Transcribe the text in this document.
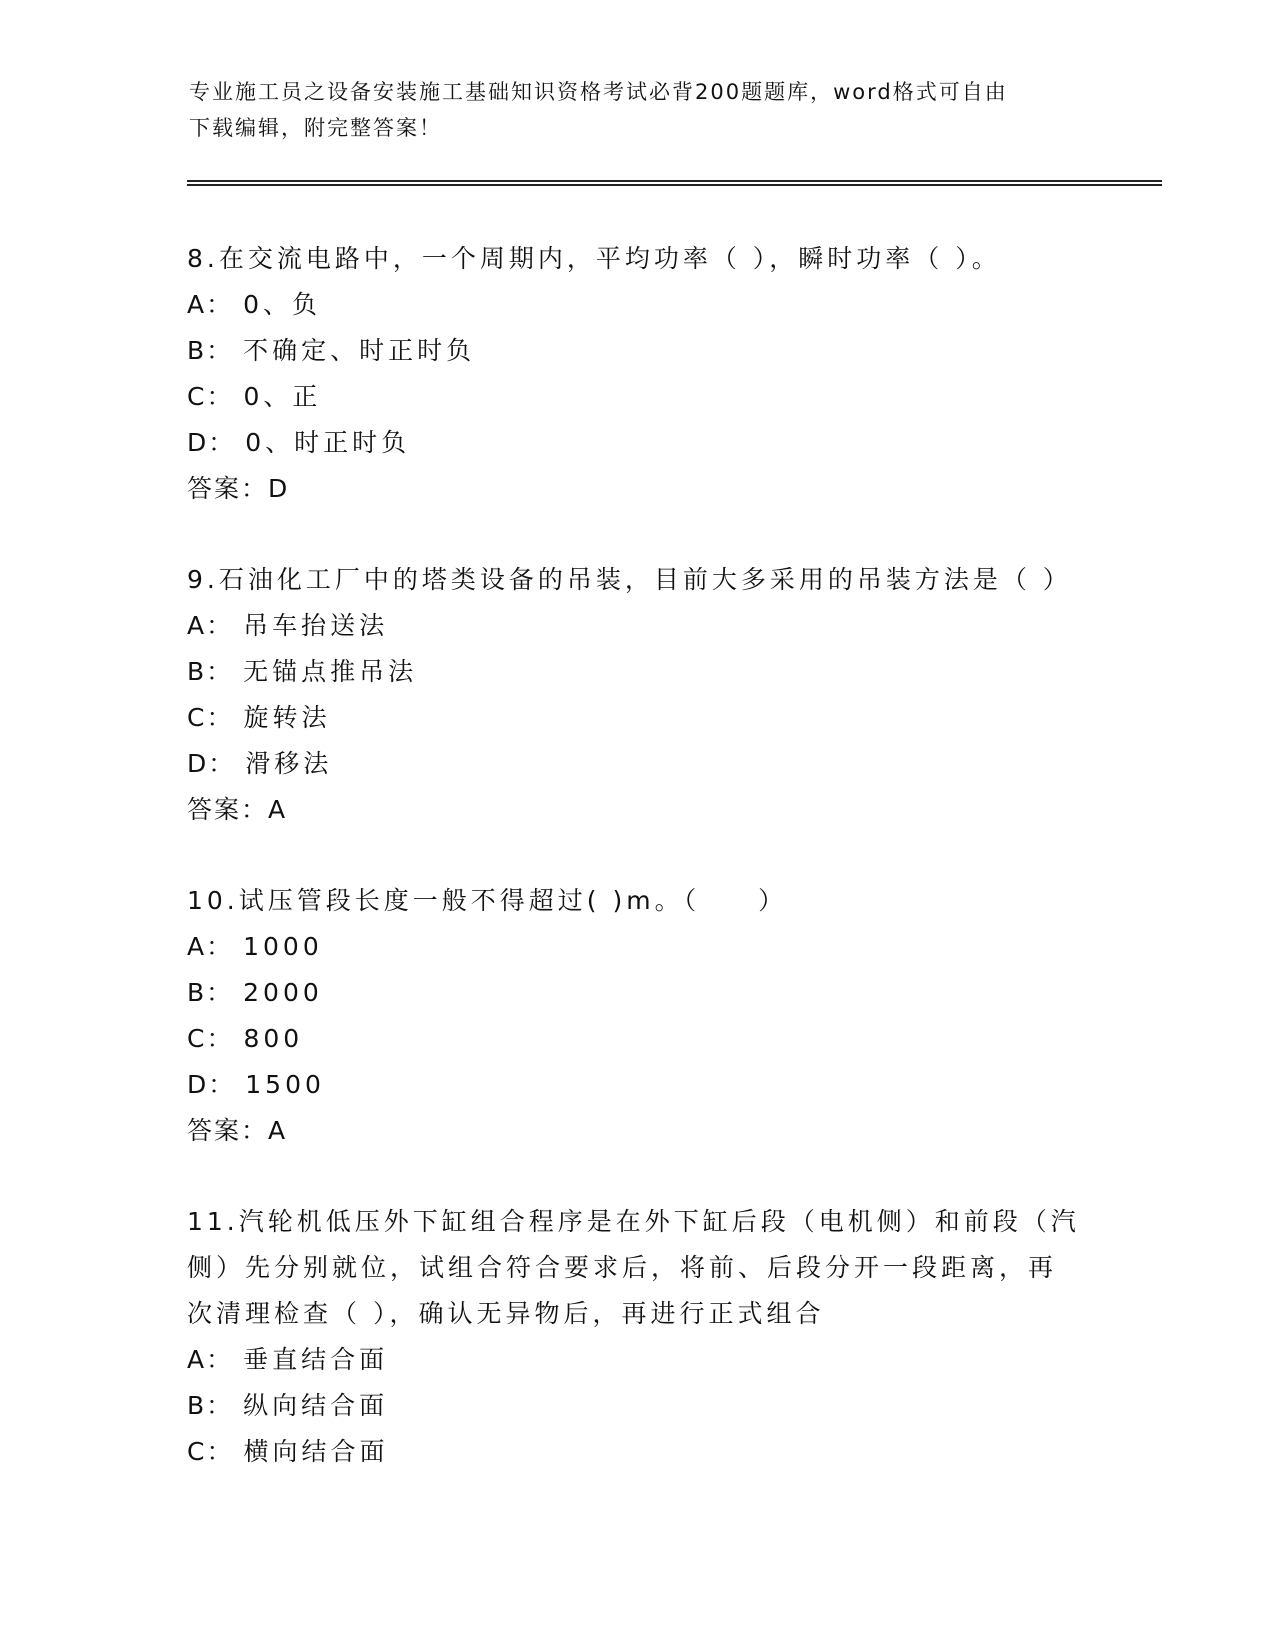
专业施工员之设备安装施工基础知识资格考试必背200题题库，word格式可自由
下载编辑，附完整答案！

8.在交流电路中，一个周期内，平均功率（ ），瞬时功率（ ）。

A： 0、负

B： 不确定、时正时负

C： 0、正

D： 0、时正时负

答案：D

9.石油化工厂中的塔类设备的吊装，目前大多采用的吊装方法是（ ）

A： 吊车抬送法

B： 无锚点推吊法

C： 旋转法

D： 滑移法

答案：A

10.试压管段长度一般不得超过( )m。（　　）

A： 1000

B： 2000

C： 800

D： 1500

答案：A

11.汽轮机低压外下缸组合程序是在外下缸后段（电机侧）和前段（汽

侧）先分别就位，试组合符合要求后，将前、后段分开一段距离，再

次清理检查（ ），确认无异物后，再进行正式组合

A： 垂直结合面

B： 纵向结合面

C： 横向结合面
